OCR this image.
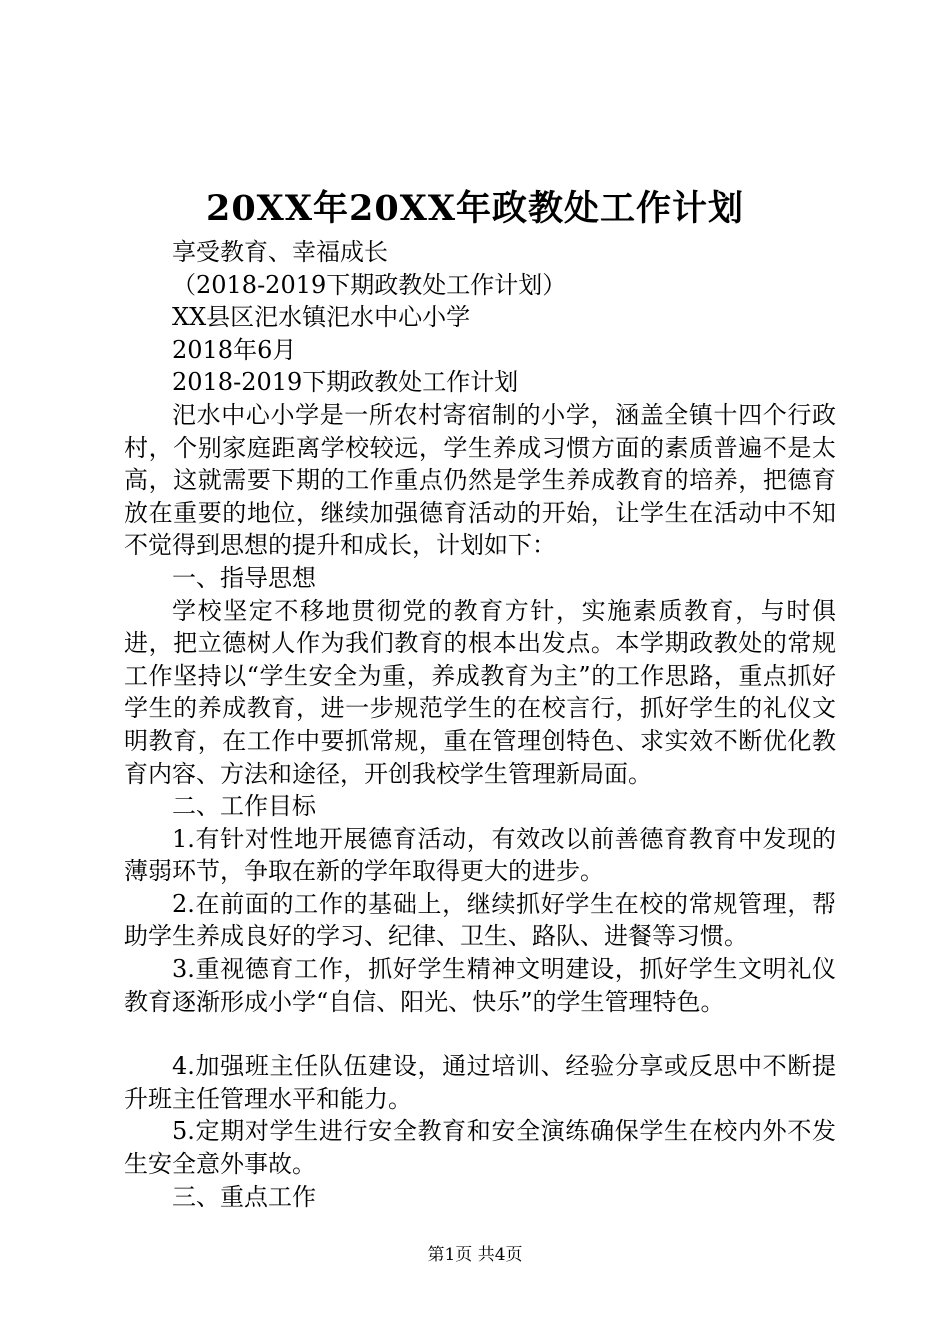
20XX年20XX年政教处工作计划

享受教育、幸福成长

（2018-2019下期政教处工作计划）

XX县区汜水镇汜水中心小学

2018年6月

2018-2019下期政教处工作计划

汜水中心小学是一所农村寄宿制的小学，涵盖全镇十四个行政村，个别家庭距离学校较远，学生养成习惯方面的素质普遍不是太高，这就需要下期的工作重点仍然是学生养成教育的培养，把德育放在重要的地位，继续加强德育活动的开始，让学生在活动中不知不觉得到思想的提升和成长，计划如下：

一、指导思想

学校坚定不移地贯彻党的教育方针，实施素质教育，与时俱进，把立德树人作为我们教育的根本出发点。本学期政教处的常规工作坚持以“学生安全为重，养成教育为主”的工作思路，重点抓好学生的养成教育，进一步规范学生的在校言行，抓好学生的礼仪文明教育，在工作中要抓常规，重在管理创特色、求实效不断优化教育内容、方法和途径，开创我校学生管理新局面。

二、工作目标

1.有针对性地开展德育活动，有效改以前善德育教育中发现的薄弱环节，争取在新的学年取得更大的进步。

2.在前面的工作的基础上，继续抓好学生在校的常规管理，帮助学生养成良好的学习、纪律、卫生、路队、进餐等习惯。

3.重视德育工作，抓好学生精神文明建设，抓好学生文明礼仪教育逐渐形成小学“自信、阳光、快乐”的学生管理特色。

4.加强班主任队伍建设，通过培训、经验分享或反思中不断提升班主任管理水平和能力。

5.定期对学生进行安全教育和安全演练确保学生在校内外不发生安全意外事故。

三、重点工作

第1页 共4页
